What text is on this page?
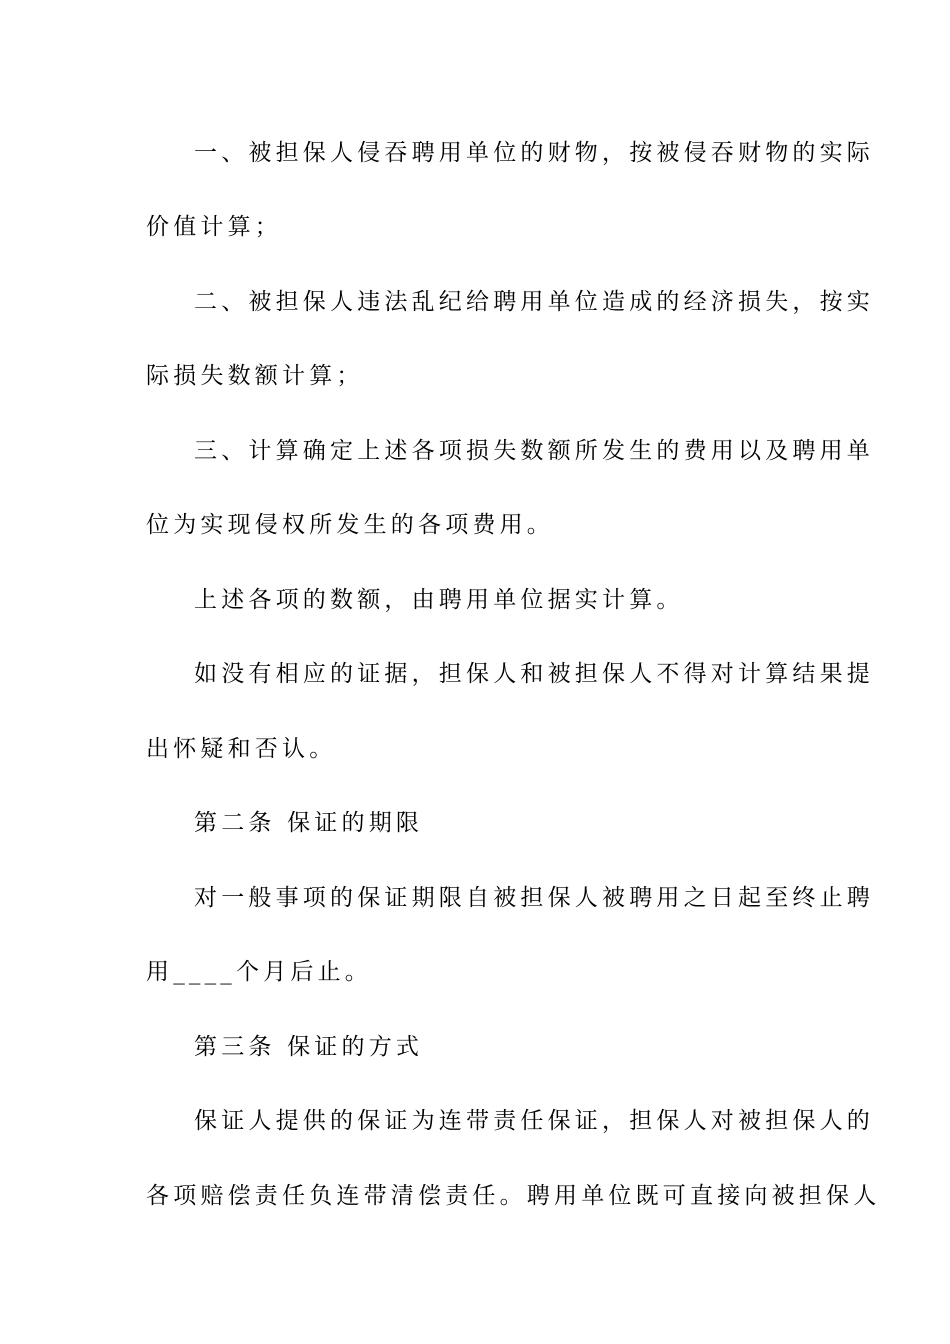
一、被担保人侵吞聘用单位的财物，按被侵吞财物的实际
价值计算；
二、被担保人违法乱纪给聘用单位造成的经济损失，按实
际损失数额计算；
三、计算确定上述各项损失数额所发生的费用以及聘用单
位为实现侵权所发生的各项费用。
上述各项的数额，由聘用单位据实计算。
如没有相应的证据，担保人和被担保人不得对计算结果提
出怀疑和否认。
第二条 保证的期限
对一般事项的保证期限自被担保人被聘用之日起至终止聘
用____个月后止。
第三条 保证的方式
保证人提供的保证为连带责任保证，担保人对被担保人的
各项赔偿责任负连带清偿责任。聘用单位既可直接向被担保人
